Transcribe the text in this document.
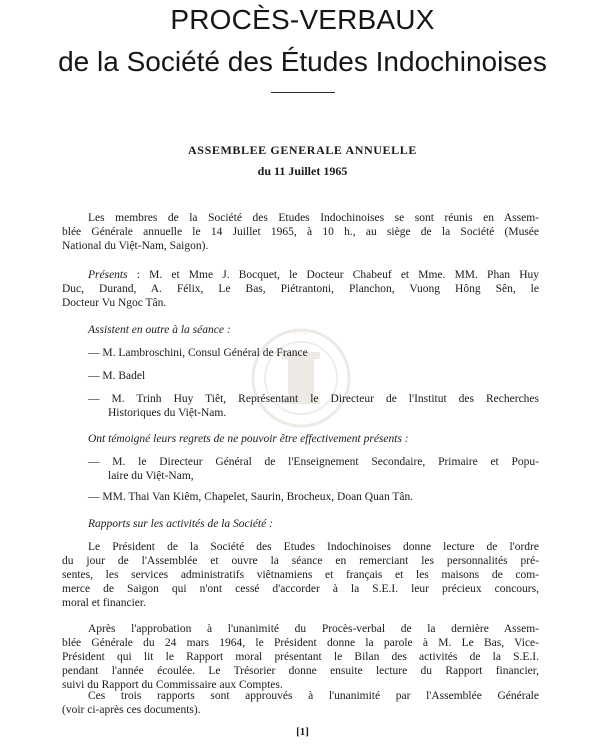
PROCÈS-VERBAUX
de la Société des Études Indochinoises
ASSEMBLEE GENERALE ANNUELLE
du 11 Juillet 1965
erc
Les membres de la Société des Etudes Indochinoises se sont réunis en Assem-
blée Générale annuelle le 14 Juillet 1965, à 10 h., au siège de la Société (Musée
National du Việt-Nam, Saigon).
Présents : M. et Mme J. Bocquet, le Docteur Chabeuf et Mme. MM. Phan Huy
Duc, Durand, A. Félix, Le Bas, Piétrantoni, Planchon, Vuong Hông Sên, le
Docteur Vu Ngoc Tân.
Assistent en outre à la séance :
— M. Lambroschini, Consul Général de France
— M. Badel
— M. Trinh Huy Tiêt, Représentant le Directeur de l'Institut des Recherches
Historiques du Việt-Nam.
Ont témoigné leurs regrets de ne pouvoir être effectivement présents :
— M. le Directeur Général de l'Enseignement Secondaire, Primaire et Popu-
laire du Việt-Nam,
— MM. Thai Van Kiêm, Chapelet, Saurin, Brocheux, Doan Quan Tân.
Rapports sur les activités de la Société :
Le Président de la Société des Etudes Indochinoises donne lecture de l'ordre
du jour de l'Assemblée et ouvre la séance en remerciant les personnalités pré-
sentes, les services administratifs viêtnamiens et français et les maisons de com-
merce de Saigon qui n'ont cessé d'accorder à la S.E.I. leur précieux concours,
moral et financier.
Après l'approbation à l'unanimité du Procès-verbal de la dernière Assem-
blée Générale du 24 mars 1964, le Président donne la parole à M. Le Bas, Vice-
Président qui lit le Rapport moral présentant le Bilan des activités de la S.E.I.
pendant l'année écoulée. Le Trésorier donne ensuite lecture du Rapport financier,
suivi du Rapport du Commissaire aux Comptes.
Ces trois rapports sont approuvés à l'unanimité par l'Assemblée Générale
(voir ci-après ces documents).
[1]
